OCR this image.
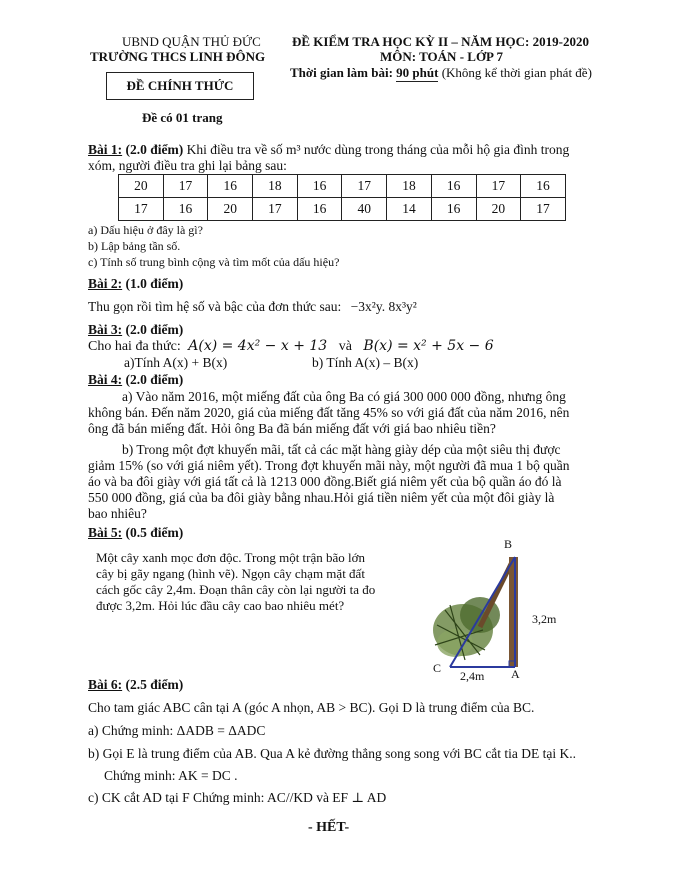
UBND QUẬN THỦ ĐỨC
TRƯỜNG THCS LINH ĐÔNG
ĐỀ CHÍNH THỨC
Đề có 01 trang
ĐỀ KIỂM TRA HỌC KỲ II – NĂM HỌC: 2019-2020
MÔN: TOÁN - LỚP 7
Thời gian làm bài: 90 phút (Không kể thời gian phát đề)
Bài 1: (2.0 điểm) Khi điều tra về số m³ nước dùng trong tháng của mỗi hộ gia đình trong
xóm, người điều tra ghi lại bảng sau:
20	17	16	18	16	17	18	16	17	16
17	16	20	17	16	40	14	16	20	17
a) Dấu hiệu ở đây là gì?
b) Lập bảng tần số.
c) Tính số trung bình cộng và tìm mốt của dấu hiệu?
Bài 2: (1.0 điểm)
Thu gọn rồi tìm hệ số và bậc của đơn thức sau: −3x²y. 8x³y²
Bài 3: (2.0 điểm)
Cho hai đa thức: A(x) = 4x² − x + 13 và B(x) = x² + 5x − 6
a)Tính A(x) + B(x)	b) Tính A(x) – B(x)
Bài 4: (2.0 điểm)
a) Vào năm 2016, một miếng đất của ông Ba có giá 300 000 000 đồng, nhưng ông
không bán. Đến năm 2020, giá của miếng đất tăng 45% so với giá đất của năm 2016, nên
ông đã bán miếng đất. Hỏi ông Ba đã bán miếng đất với giá bao nhiêu tiền?
b) Trong một đợt khuyến mãi, tất cả các mặt hàng giày dép của một siêu thị được
giảm 15% (so với giá niêm yết). Trong đợt khuyến mãi này, một người đã mua 1 bộ quần
áo và ba đôi giày với giá tất cả là 1213 000 đồng.Biết giá niêm yết của bộ quần áo đó là
550 000 đồng, giá của ba đôi giày bằng nhau.Hỏi giá tiền niêm yết của một đôi giày là
bao nhiêu?
Bài 5: (0.5 điểm)
Một cây xanh mọc đơn độc. Trong một trận bão lớn
cây bị gãy ngang (hình vẽ). Ngọn cây chạm mặt đất
cách gốc cây 2,4m. Đoạn thân cây còn lại người ta đo
được 3,2m. Hỏi lúc đầu cây cao bao nhiêu mét?
B
C	A
2,4m
3,2m
Bài 6: (2.5 điểm)
Cho tam giác ABC cân tại A (góc A nhọn, AB > BC). Gọi D là trung điểm của BC.
a) Chứng minh: ΔADB = ΔADC
b) Gọi E là trung điểm của AB. Qua A kẻ đường thẳng song song với BC cắt tia DE tại K..
Chứng minh: AK = DC .
c) CK cắt AD tại F Chứng minh: AC//KD và EF ⊥ AD
- HẾT-
